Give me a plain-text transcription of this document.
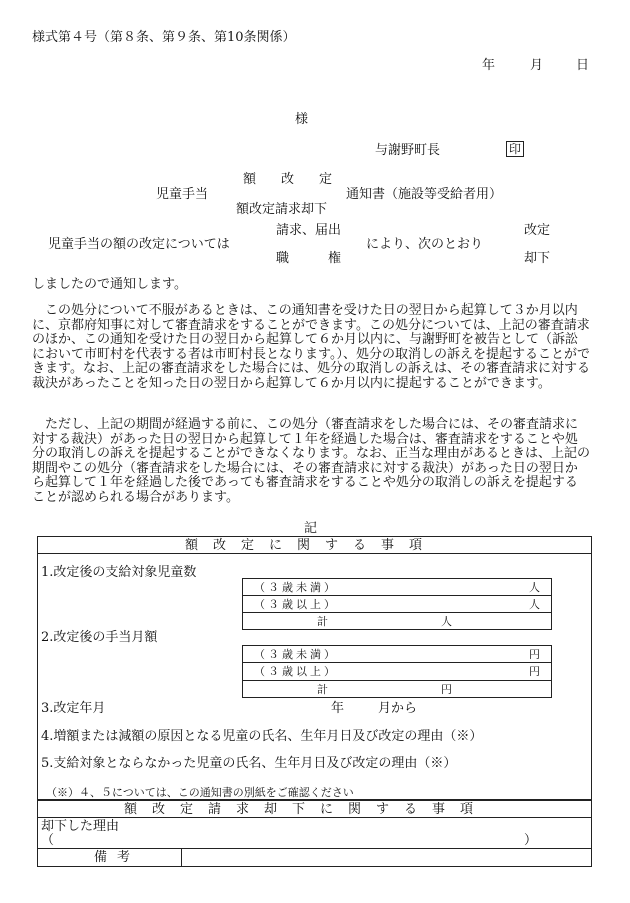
様式第４号（第８条、第９条、第10条関係）
年	月	日
様
与謝野町長	印
額　改　定
児童手当	通知書（施設等受給者用）
額改定請求却下
請求、届出	改定
児童手当の額の改定については	により、次のとおり
職　　　権	却下
しましたので通知します。

この処分について不服があるときは、この通知書を受けた日の翌日から起算して３か月以内に、京都府知事に対して審査請求をすることができます。この処分については、上記の審査請求のほか、この通知を受けた日の翌日から起算して６か月以内に、与謝野町を被告として（訴訟において市町村を代表する者は市町村長となります。）、処分の取消しの訴えを提起することができます。なお、上記の審査請求をした場合には、処分の取消しの訴えは、その審査請求に対する裁決があったことを知った日の翌日から起算して６か月以内に提起することができます。

ただし、上記の期間が経過する前に、この処分（審査請求をした場合には、その審査請求に対する裁決）があった日の翌日から起算して１年を経過した場合は、審査請求をすることや処分の取消しの訴えを提起することができなくなります。なお、正当な理由があるときは、上記の期間やこの処分（審査請求をした場合には、その審査請求に対する裁決）があった日の翌日から起算して１年を経過した後であっても審査請求をすることや処分の取消しの訴えを提起することが認められる場合があります。

記
額改定に関する事項
1.改定後の支給対象児童数
（３歳未満）	人
（３歳以上）	人
計	人
2.改定後の手当月額
（３歳未満）	円
（３歳以上）	円
計	円
3.改定年月	年	月から
4.増額または減額の原因となる児童の氏名、生年月日及び改定の理由（※）
5.支給対象とならなかった児童の氏名、生年月日及び改定の理由（※）
（※）４、５については、この通知書の別紙をご確認ください
額改定請求却下に関する事項
却下した理由
（	）
備考
